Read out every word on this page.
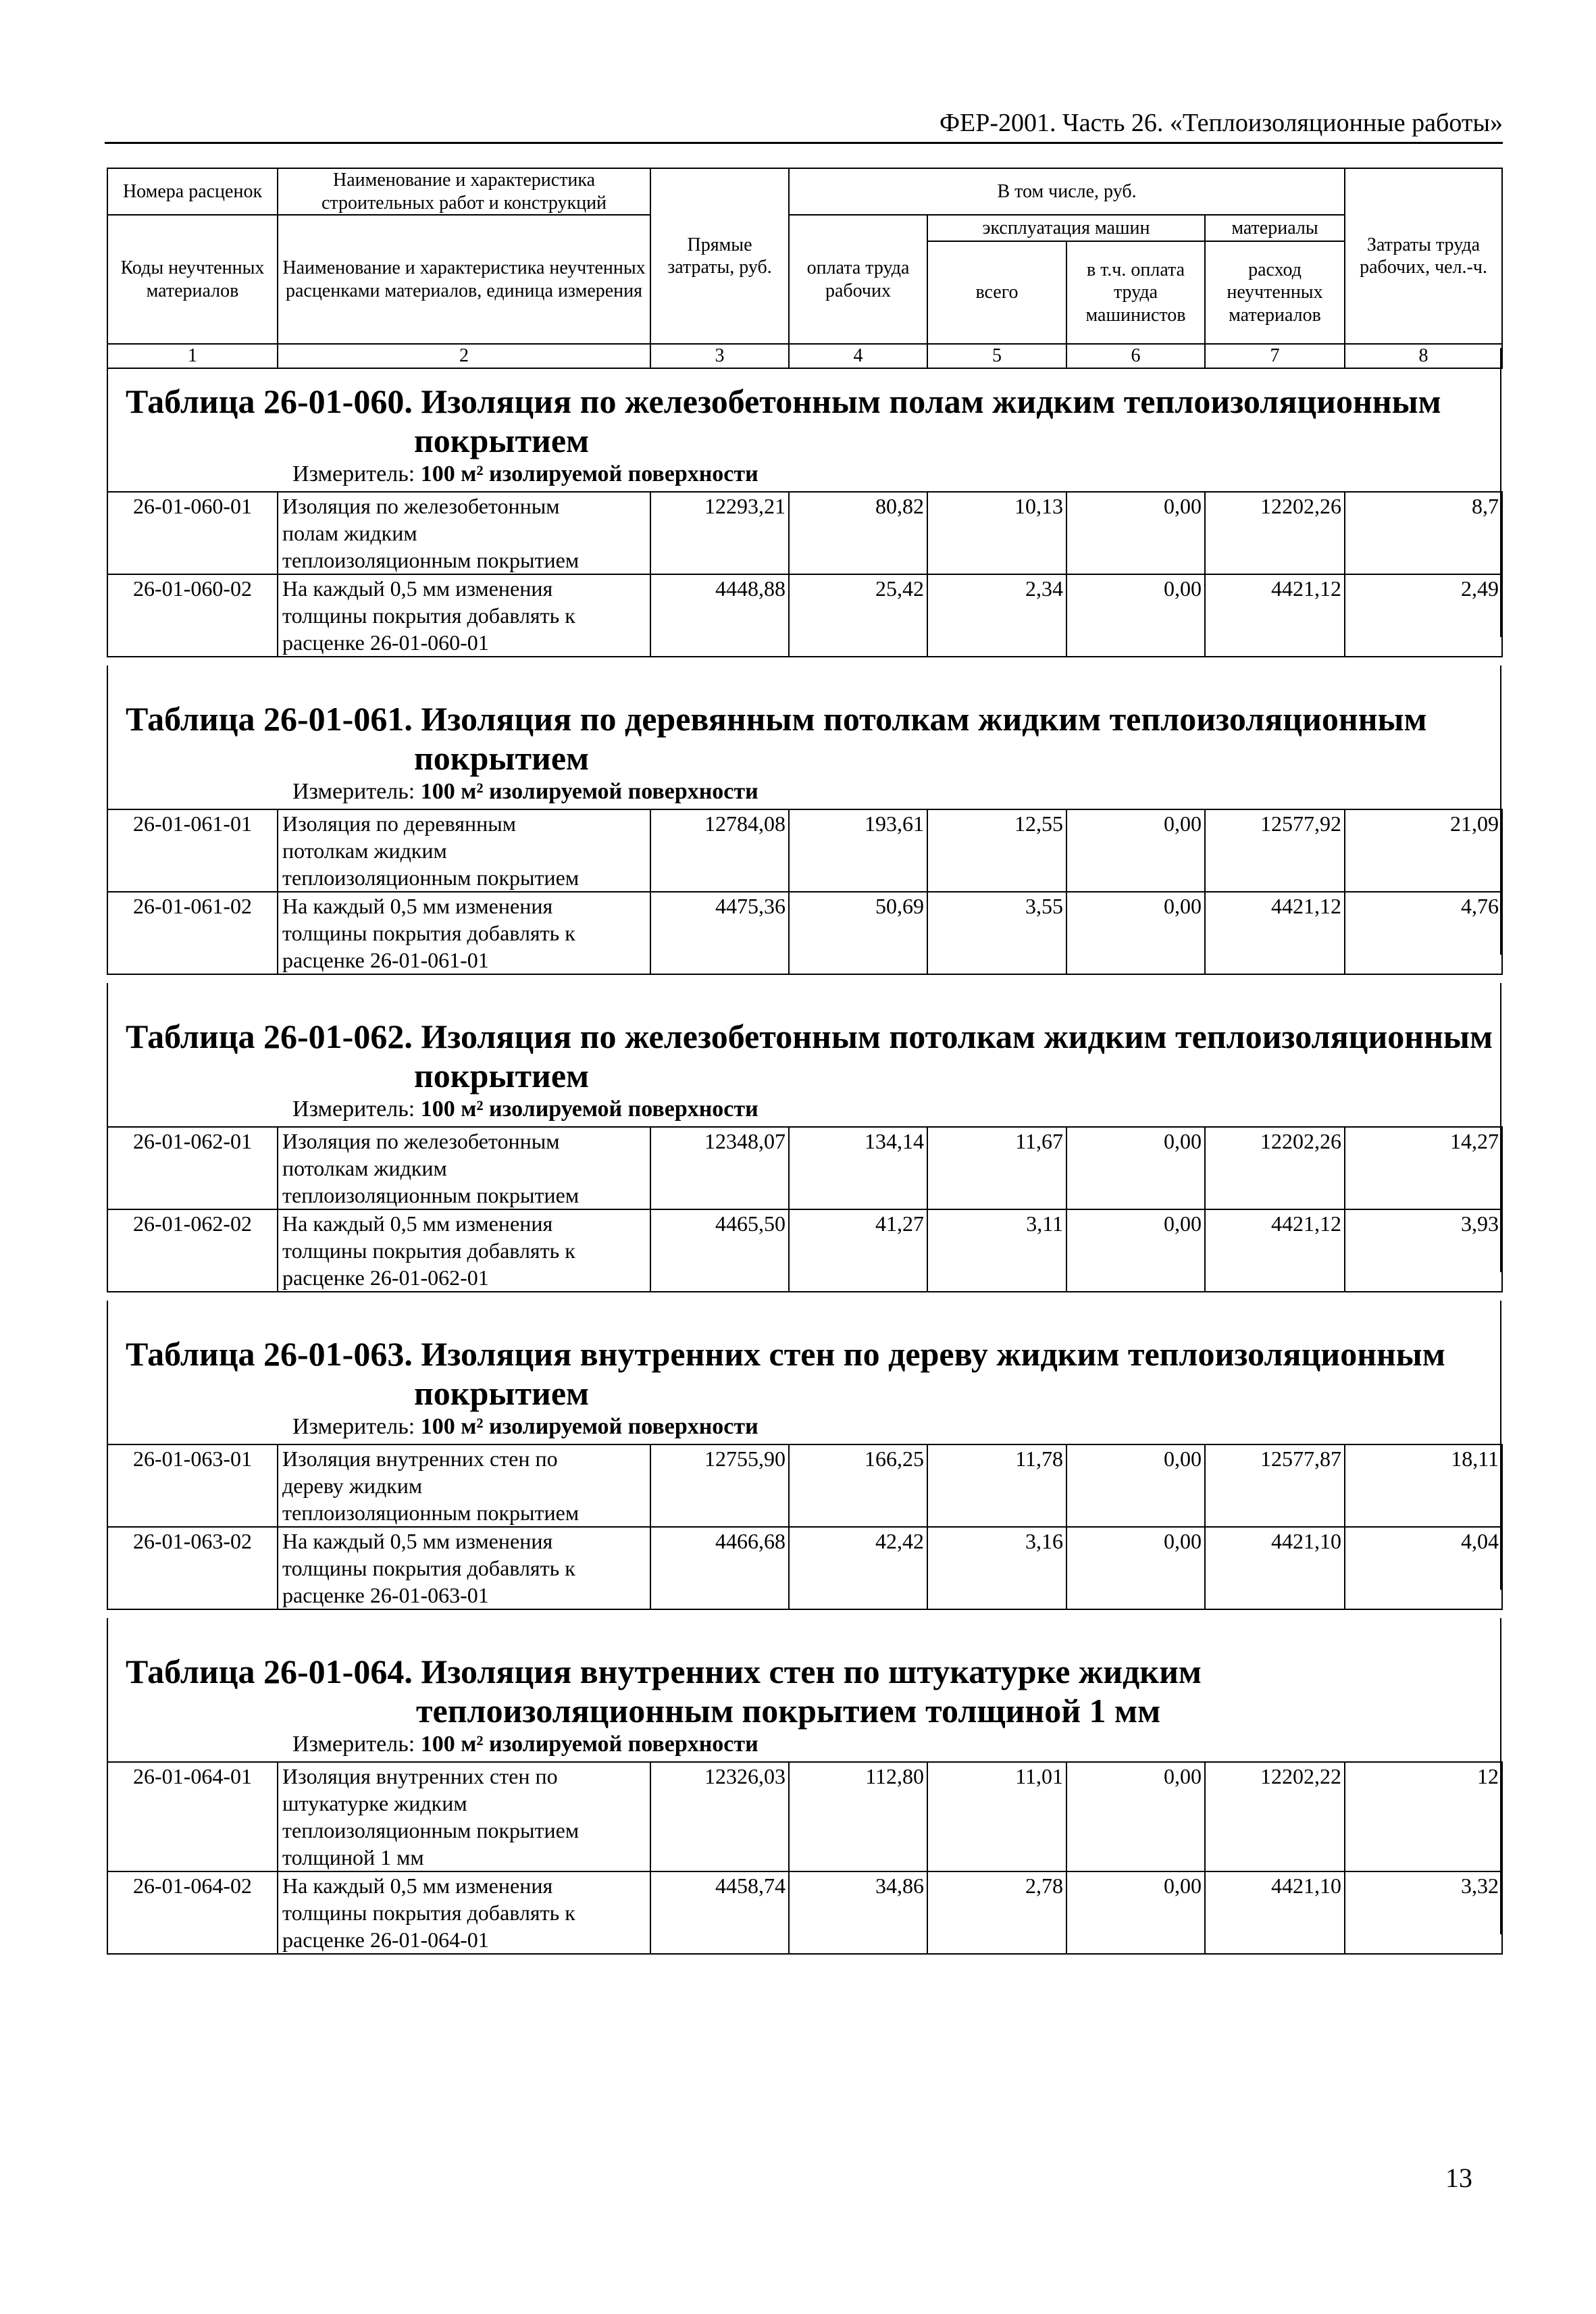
ФЕР-2001. Часть 26. «Теплоизоляционные работы»
Номера расценок	Наименование и характеристика строительных работ и конструкций	Прямые затраты, руб.	В том числе, руб.				Затраты труда рабочих, чел.-ч.
Коды неучтенных материалов	Наименование и характеристика неучтенных расценками материалов, единица измерения		оплата труда рабочих	эксплуатация машин		материалы	
				всего	в т.ч. оплата труда машинистов	расход неучтенных материалов	
1	2	3	4	5	6	7	8
Таблица 26-01-060. Изоляция по железобетонным полам жидким теплоизоляционным
покрытием
Измеритель: 100 м² изолируемой поверхности
26-01-060-01	Изоляция по железобетонным
полам жидким
теплоизоляционным покрытием	12293,21	80,82	10,13	0,00	12202,26	8,7
26-01-060-02	На каждый 0,5 мм изменения
толщины покрытия добавлять к
расценке 26-01-060-01	4448,88	25,42	2,34	0,00	4421,12	2,49
Таблица 26-01-061. Изоляция по деревянным потолкам жидким теплоизоляционным
покрытием
Измеритель: 100 м² изолируемой поверхности
26-01-061-01	Изоляция по деревянным
потолкам жидким
теплоизоляционным покрытием	12784,08	193,61	12,55	0,00	12577,92	21,09
26-01-061-02	На каждый 0,5 мм изменения
толщины покрытия добавлять к
расценке 26-01-061-01	4475,36	50,69	3,55	0,00	4421,12	4,76
Таблица 26-01-062. Изоляция по железобетонным потолкам жидким теплоизоляционным
покрытием
Измеритель: 100 м² изолируемой поверхности
26-01-062-01	Изоляция по железобетонным
потолкам жидким
теплоизоляционным покрытием	12348,07	134,14	11,67	0,00	12202,26	14,27
26-01-062-02	На каждый 0,5 мм изменения
толщины покрытия добавлять к
расценке 26-01-062-01	4465,50	41,27	3,11	0,00	4421,12	3,93
Таблица 26-01-063. Изоляция внутренних стен по дереву жидким теплоизоляционным
покрытием
Измеритель: 100 м² изолируемой поверхности
26-01-063-01	Изоляция внутренних стен по
дереву жидким
теплоизоляционным покрытием	12755,90	166,25	11,78	0,00	12577,87	18,11
26-01-063-02	На каждый 0,5 мм изменения
толщины покрытия добавлять к
расценке 26-01-063-01	4466,68	42,42	3,16	0,00	4421,10	4,04
Таблица 26-01-064. Изоляция внутренних стен по штукатурке жидким
теплоизоляционным покрытием толщиной 1 мм
Измеритель: 100 м² изолируемой поверхности
26-01-064-01	Изоляция внутренних стен по
штукатурке жидким
теплоизоляционным покрытием
толщиной 1 мм	12326,03	112,80	11,01	0,00	12202,22	12
26-01-064-02	На каждый 0,5 мм изменения
толщины покрытия добавлять к
расценке 26-01-064-01	4458,74	34,86	2,78	0,00	4421,10	3,32
13
